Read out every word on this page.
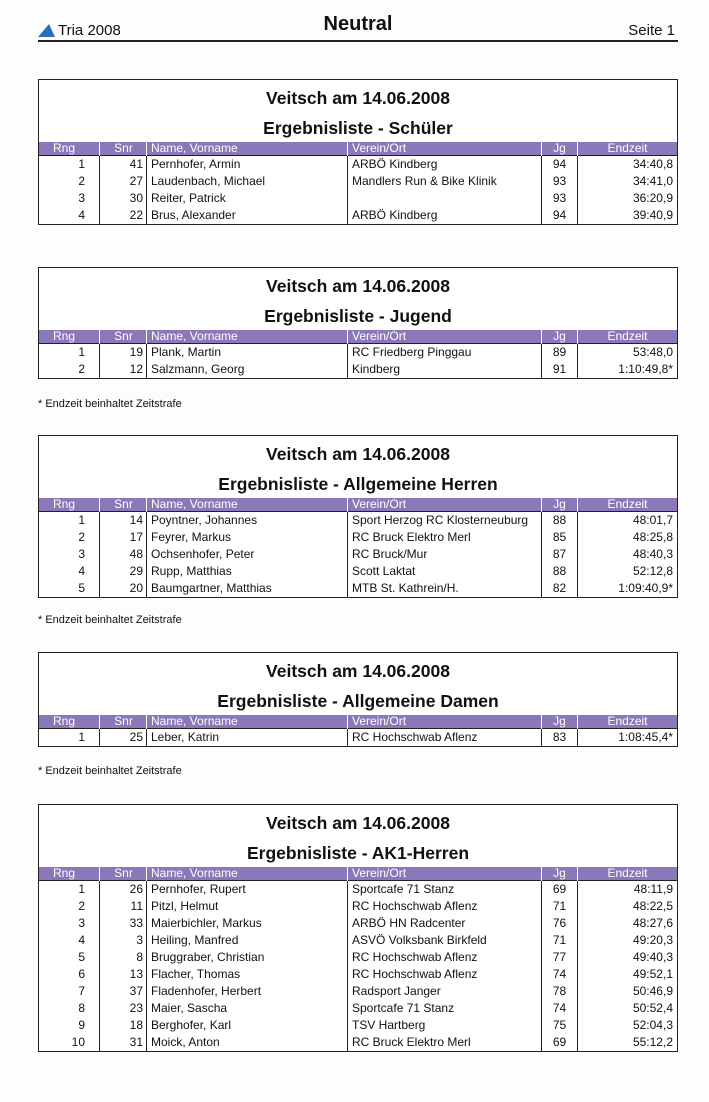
Tria 2008	Neutral	Seite 1
Veitsch am 14.06.2008
Ergebnisliste - Schüler
Rng	Snr	Name, Vorname	Verein/Ort	Jg	Endzeit
1	41	Pernhofer, Armin	ARBÖ Kindberg	94	34:40,8
2	27	Laudenbach, Michael	Mandlers Run & Bike Klinik	93	34:41,0
3	30	Reiter, Patrick		93	36:20,9
4	22	Brus, Alexander	ARBÖ Kindberg	94	39:40,9
Veitsch am 14.06.2008
Ergebnisliste - Jugend
Rng	Snr	Name, Vorname	Verein/Ort	Jg	Endzeit
1	19	Plank, Martin	RC Friedberg Pinggau	89	53:48,0
2	12	Salzmann, Georg	Kindberg	91	1:10:49,8*
* Endzeit beinhaltet Zeitstrafe
Veitsch am 14.06.2008
Ergebnisliste - Allgemeine Herren
Rng	Snr	Name, Vorname	Verein/Ort	Jg	Endzeit
1	14	Poyntner, Johannes	Sport Herzog RC Klosterneuburg	88	48:01,7
2	17	Feyrer, Markus	RC Bruck Elektro Merl	85	48:25,8
3	48	Ochsenhofer, Peter	RC Bruck/Mur	87	48:40,3
4	29	Rupp, Matthias	Scott Laktat	88	52:12,8
5	20	Baumgartner, Matthias	MTB St. Kathrein/H.	82	1:09:40,9*
* Endzeit beinhaltet Zeitstrafe
Veitsch am 14.06.2008
Ergebnisliste - Allgemeine Damen
Rng	Snr	Name, Vorname	Verein/Ort	Jg	Endzeit
1	25	Leber, Katrin	RC Hochschwab Aflenz	83	1:08:45,4*
* Endzeit beinhaltet Zeitstrafe
Veitsch am 14.06.2008
Ergebnisliste - AK1-Herren
Rng	Snr	Name, Vorname	Verein/Ort	Jg	Endzeit
1	26	Pernhofer, Rupert	Sportcafe 71 Stanz	69	48:11,9
2	11	Pitzl, Helmut	RC Hochschwab Aflenz	71	48:22,5
3	33	Maierbichler, Markus	ARBÖ HN Radcenter	76	48:27,6
4	3	Heiling, Manfred	ASVÖ Volksbank Birkfeld	71	49:20,3
5	8	Bruggraber, Christian	RC Hochschwab Aflenz	77	49:40,3
6	13	Flacher, Thomas	RC Hochschwab Aflenz	74	49:52,1
7	37	Fladenhofer, Herbert	Radsport Janger	78	50:46,9
8	23	Maier, Sascha	Sportcafe 71 Stanz	74	50:52,4
9	18	Berghofer, Karl	TSV Hartberg	75	52:04,3
10	31	Moick, Anton	RC Bruck Elektro Merl	69	55:12,2
